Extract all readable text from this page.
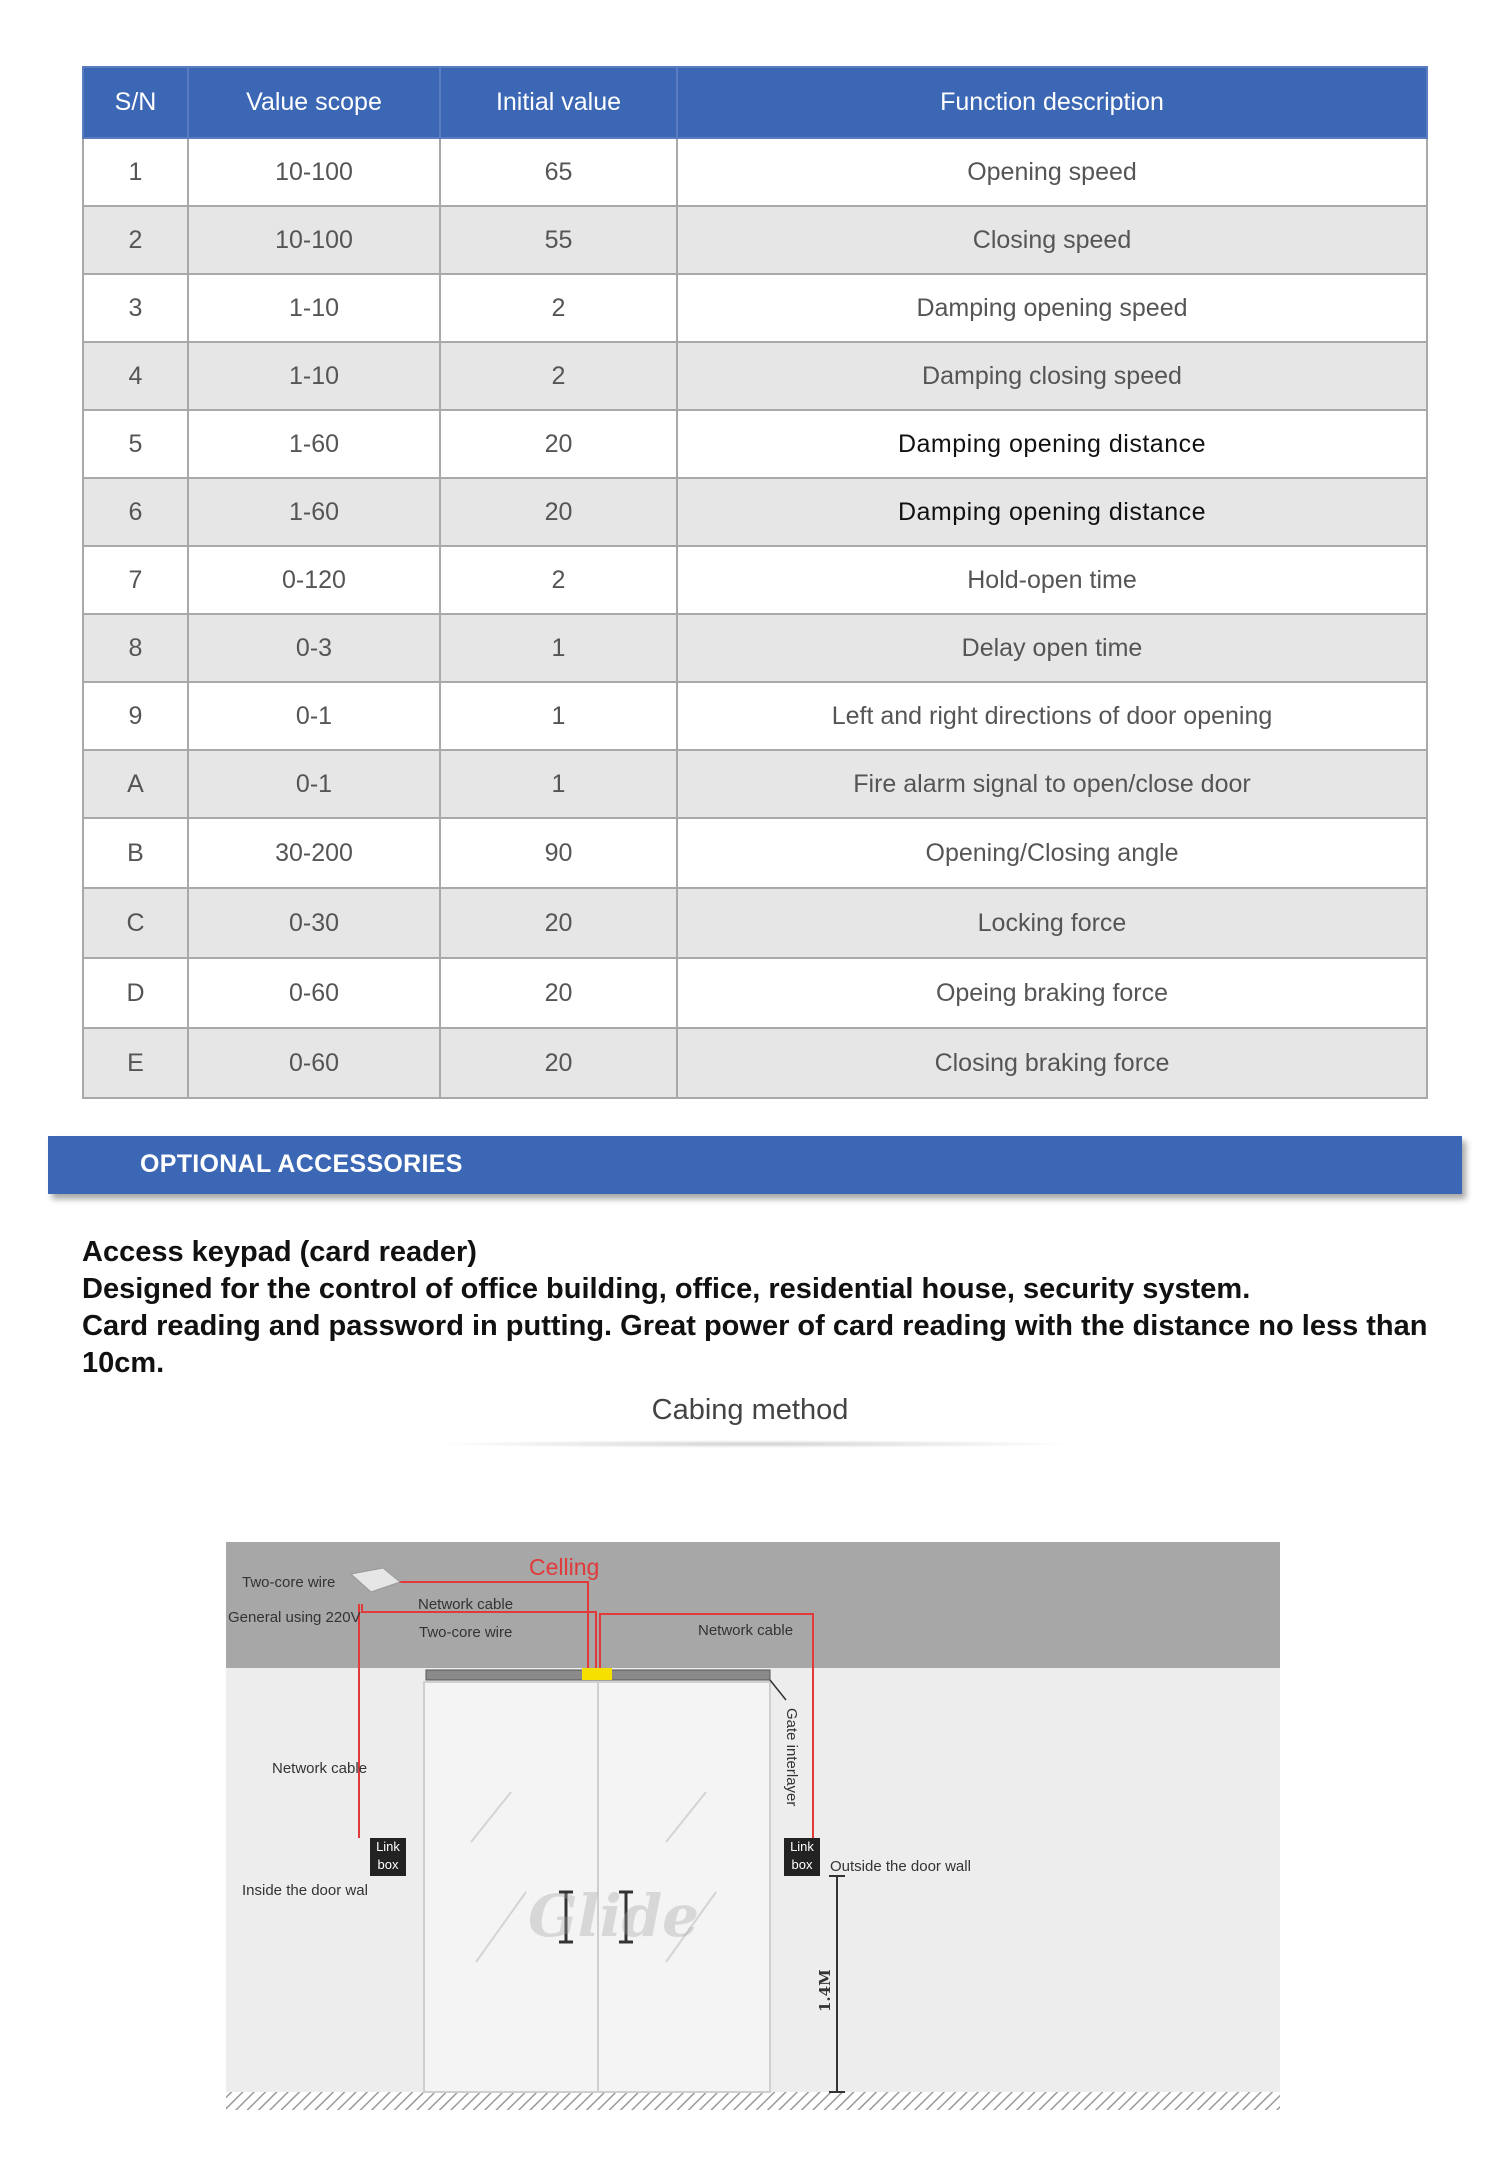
S/N	Value scope	Initial value	Function description
1	10-100	65	Opening speed
2	10-100	55	Closing speed
3	1-10	2	Damping opening speed
4	1-10	2	Damping closing speed
5	1-60	20	Damping opening distance
6	1-60	20	Damping opening distance
7	0-120	2	Hold-open time
8	0-3	1	Delay open time
9	0-1	1	Left and right directions of door opening
A	0-1	1	Fire alarm signal to open/close door
B	30-200	90	Opening/Closing angle
C	0-30	20	Locking force
D	0-60	20	Opeing braking force
E	0-60	20	Closing braking force
OPTIONAL ACCESSORIES

Access keypad (card reader)

Designed for the control of office building, office, residential house, security system.

Card reading and password in putting. Great power of card reading with the distance no less than 10cm.

Cabing method
Celling
Two-core wire
General using 220V
Network cable
Two-core wire	Network cable
Gate interlayer
Network cable
Link box
Link box
Inside the door wal
Outside the door wall
1.4M
Glide
